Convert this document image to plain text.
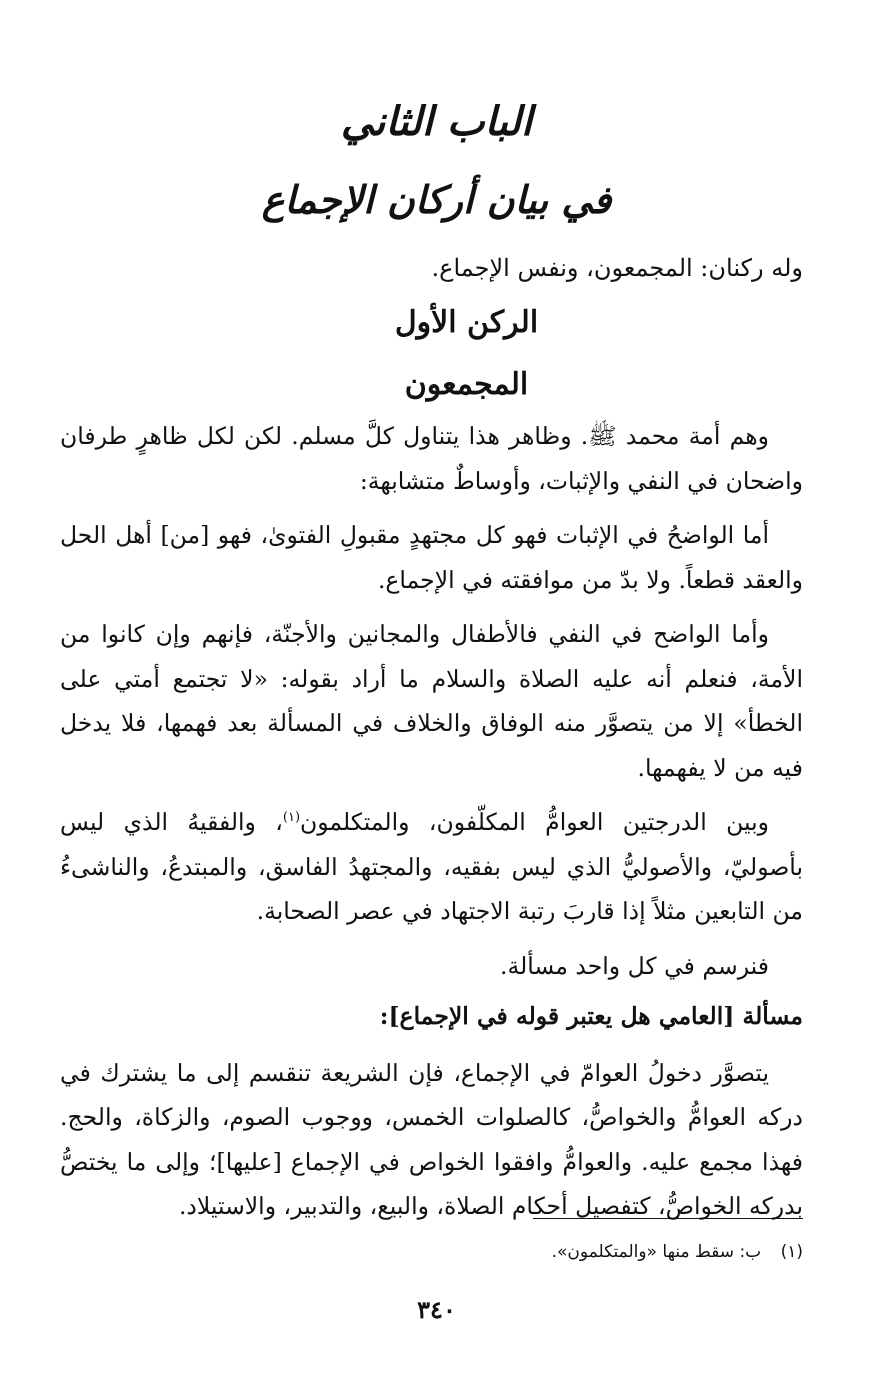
الباب الثاني
في بيان أركان الإجماع
وله ركنان: المجمعون، ونفس الإجماع.
الركن الأول
المجمعون

وهم أمة محمد ﷺ. وظاهر هذا يتناول كلَّ مسلم. لكن لكل ظاهرٍ طرفان واضحان في النفي والإثبات، وأوساطٌ متشابهة:

أما الواضحُ في الإثبات فهو كل مجتهدٍ مقبولِ الفتوىٰ، فهو [من] أهل الحل والعقد قطعاً. ولا بدّ من موافقته في الإجماع.

وأما الواضح في النفي فالأطفال والمجانين والأجنّة، فإنهم وإن كانوا من الأمة، فنعلم أنه عليه الصلاة والسلام ما أراد بقوله: «لا تجتمع أمتي على الخطأ» إلا من يتصوَّر منه الوفاق والخلاف في المسألة بعد فهمها، فلا يدخل فيه من لا يفهمها.

وبين الدرجتين العوامُّ المكلّفون، والمتكلمون$^{(١)}$، والفقيهُ الذي ليس بأصوليّ، والأصوليُّ الذي ليس بفقيه، والمجتهدُ الفاسق، والمبتدعُ، والناشىءُ من التابعين مثلاً إذا قاربَ رتبة الاجتهاد في عصر الصحابة.

فنرسم في كل واحد مسألة.

مسألة [العامي هل يعتبر قوله في الإجماع]:

يتصوَّر دخولُ العوامّ في الإجماع، فإن الشريعة تنقسم إلى ما يشترك في دركه العوامُّ والخواصُّ، كالصلوات الخمس، ووجوب الصوم، والزكاة، والحج. فهذا مجمع عليه. والعوامُّ وافقوا الخواص في الإجماع [عليها]؛ وإلى ما يختصُّ بدركه الخواصُّ، كتفصيل أحكام الصلاة، والبيع، والتدبير، والاستيلاد.

(١) ب: سقط منها «والمتكلمون».
٣٤٠
